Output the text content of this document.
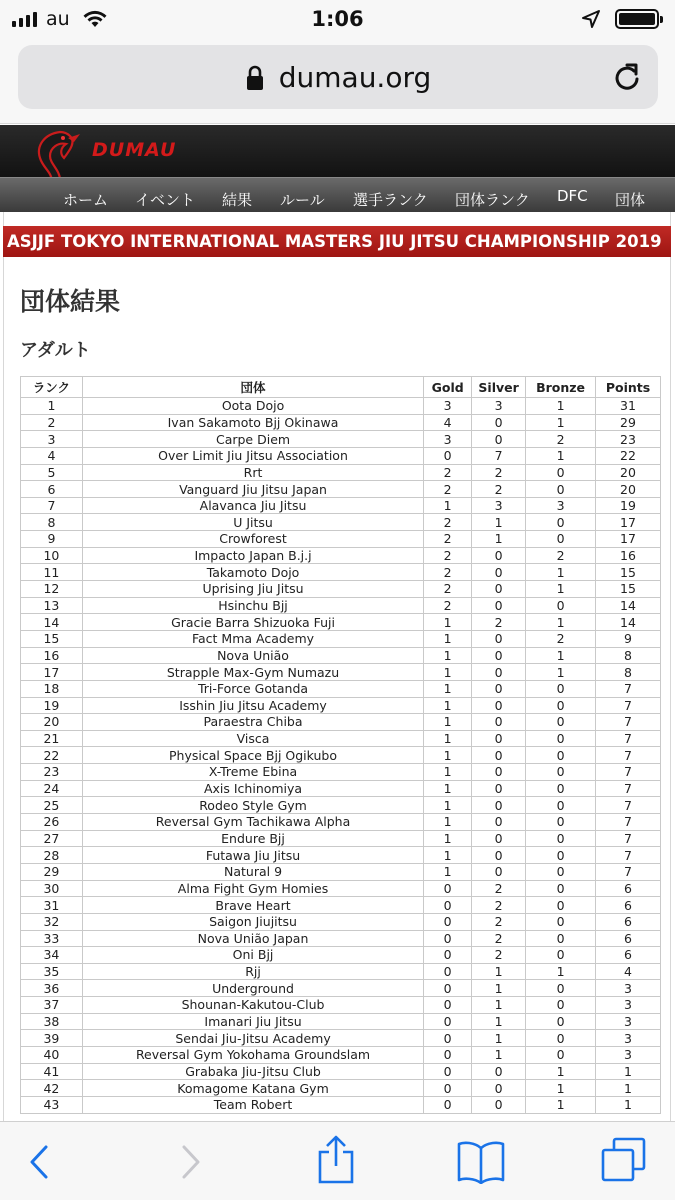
au	1:06
dumau.org
DUMAU
ホーム イベント 結果 ルール 選手ランク 団体ランク DFC 団体
ASJJF TOKYO INTERNATIONAL MASTERS JIU JITSU CHAMPIONSHIP 2019
団体結果
アダルト
ランク	団体	Gold	Silver	Bronze	Points
1	Oota Dojo	3	3	1	31
2	Ivan Sakamoto Bjj Okinawa	4	0	1	29
3	Carpe Diem	3	0	2	23
4	Over Limit Jiu Jitsu Association	0	7	1	22
5	Rrt	2	2	0	20
6	Vanguard Jiu Jitsu Japan	2	2	0	20
7	Alavanca Jiu Jitsu	1	3	3	19
8	U Jitsu	2	1	0	17
9	Crowforest	2	1	0	17
10	Impacto Japan B.j.j	2	0	2	16
11	Takamoto Dojo	2	0	1	15
12	Uprising Jiu Jitsu	2	0	1	15
13	Hsinchu Bjj	2	0	0	14
14	Gracie Barra Shizuoka Fuji	1	2	1	14
15	Fact Mma Academy	1	0	2	9
16	Nova União	1	0	1	8
17	Strapple Max-Gym Numazu	1	0	1	8
18	Tri-Force Gotanda	1	0	0	7
19	Isshin Jiu Jitsu Academy	1	0	0	7
20	Paraestra Chiba	1	0	0	7
21	Visca	1	0	0	7
22	Physical Space Bjj Ogikubo	1	0	0	7
23	X-Treme Ebina	1	0	0	7
24	Axis Ichinomiya	1	0	0	7
25	Rodeo Style Gym	1	0	0	7
26	Reversal Gym Tachikawa Alpha	1	0	0	7
27	Endure Bjj	1	0	0	7
28	Futawa Jiu Jitsu	1	0	0	7
29	Natural 9	1	0	0	7
30	Alma Fight Gym Homies	0	2	0	6
31	Brave Heart	0	2	0	6
32	Saigon Jiujitsu	0	2	0	6
33	Nova União Japan	0	2	0	6
34	Oni Bjj	0	2	0	6
35	Rjj	0	1	1	4
36	Underground	0	1	0	3
37	Shounan-Kakutou-Club	0	1	0	3
38	Imanari Jiu Jitsu	0	1	0	3
39	Sendai Jiu-Jitsu Academy	0	1	0	3
40	Reversal Gym Yokohama Groundslam	0	1	0	3
41	Grabaka Jiu-Jitsu Club	0	0	1	1
42	Komagome Katana Gym	0	0	1	1
43	Team Robert	0	0	1	1
